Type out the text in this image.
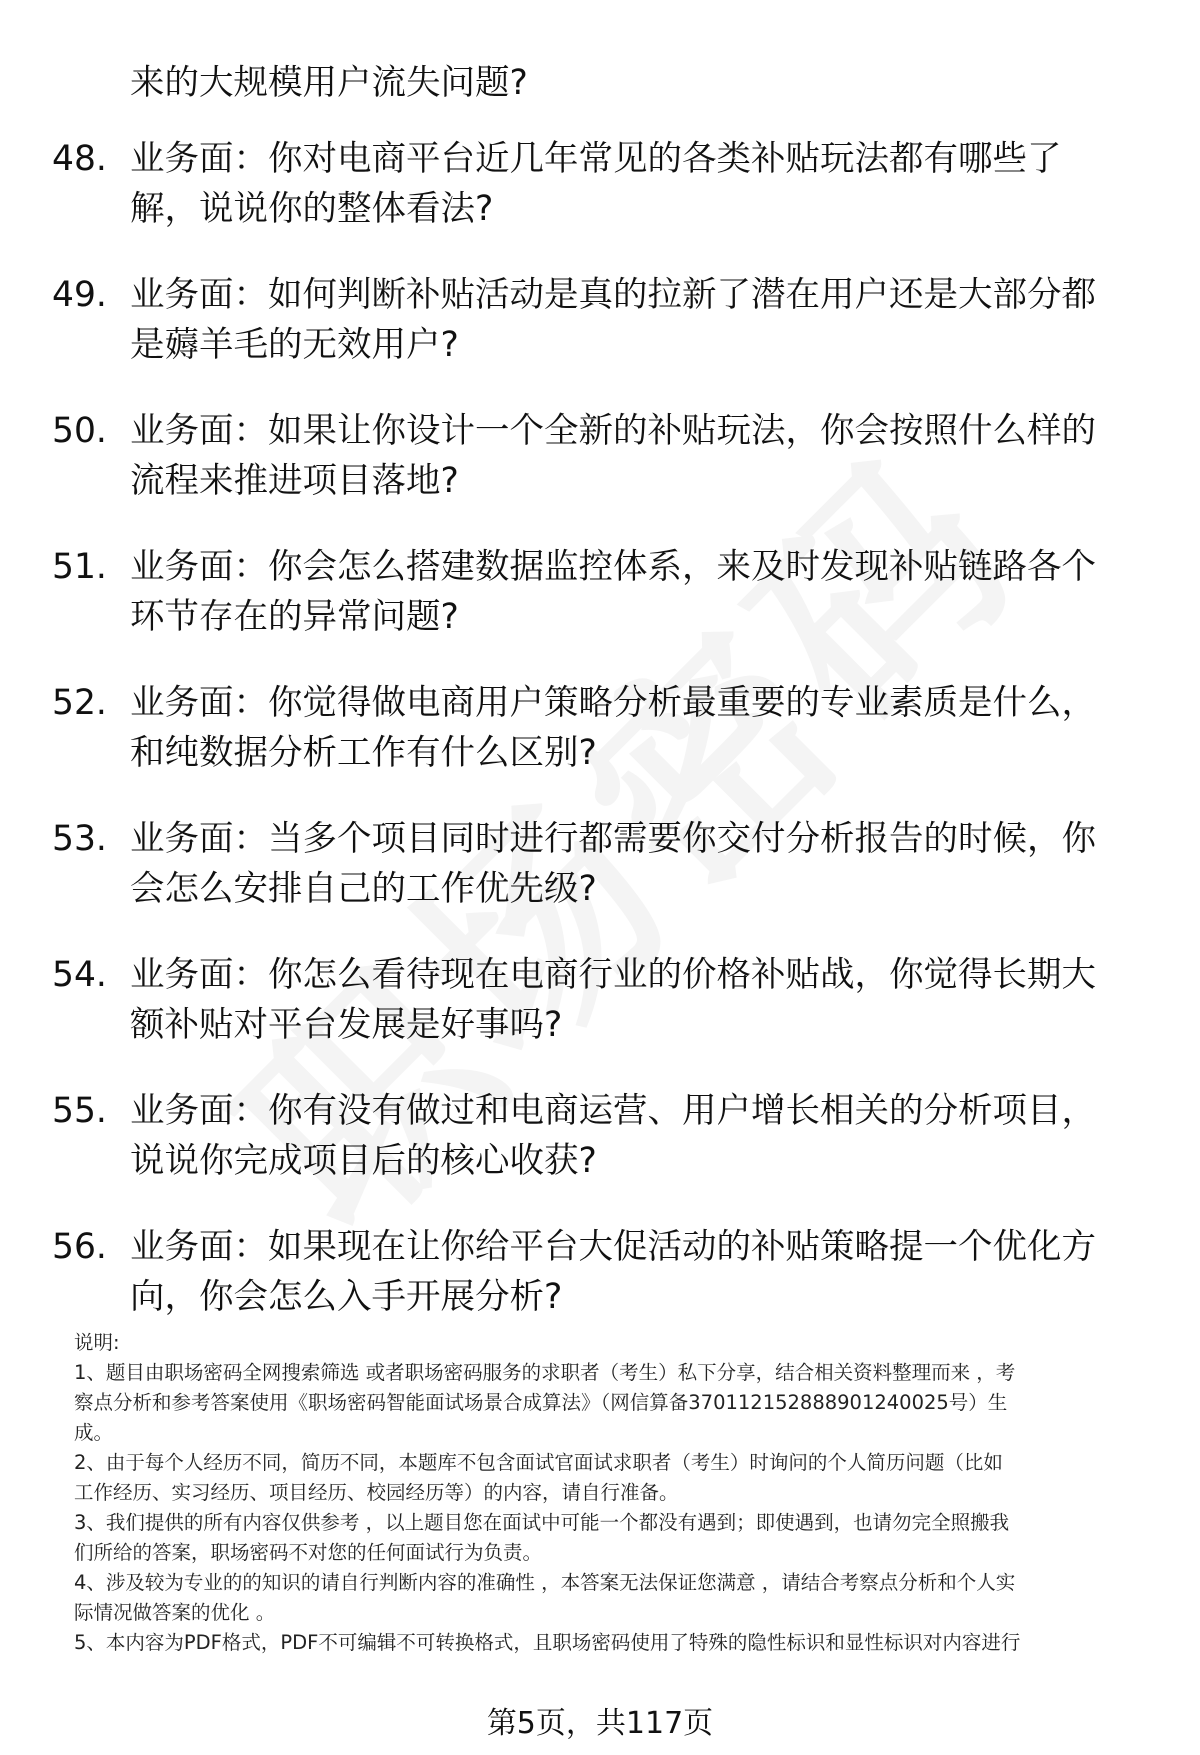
来的大规模用户流失问题?
48. 业务面：你对电商平台近几年常见的各类补贴玩法都有哪些了
解，说说你的整体看法?
49. 业务面：如何判断补贴活动是真的拉新了潜在用户还是大部分都
是薅羊毛的无效用户?
50. 业务面：如果让你设计一个全新的补贴玩法，你会按照什么样的
流程来推进项目落地?
51. 业务面：你会怎么搭建数据监控体系，来及时发现补贴链路各个
环节存在的异常问题?
52. 业务面：你觉得做电商用户策略分析最重要的专业素质是什么，
和纯数据分析工作有什么区别?
53. 业务面：当多个项目同时进行都需要你交付分析报告的时候，你
会怎么安排自己的工作优先级?
54. 业务面：你怎么看待现在电商行业的价格补贴战，你觉得长期大
额补贴对平台发展是好事吗?
55. 业务面：你有没有做过和电商运营、用户增长相关的分析项目，
说说你完成项目后的核心收获?
56. 业务面：如果现在让你给平台大促活动的补贴策略提一个优化方
向，你会怎么入手开展分析?
说明:
1、题目由职场密码全网搜索筛选 或者职场密码服务的求职者（考生）私下分享，结合相关资料整理而来 ，考
察点分析和参考答案使用《职场密码智能面试场景合成算法》（网信算备370112152888901240025号）生
成。
2、由于每个人经历不同，简历不同，本题库不包含面试官面试求职者（考生）时询问的个人简历问题（比如
工作经历、实习经历、项目经历、校园经历等）的内容，请自行准备。
3、我们提供的所有内容仅供参考 ，以上题目您在面试中可能一个都没有遇到；即使遇到，也请勿完全照搬我
们所给的答案，职场密码不对您的任何面试行为负责。
4、涉及较为专业的的知识的请自行判断内容的准确性 ，本答案无法保证您满意 ，请结合考察点分析和个人实
际情况做答案的优化 。
5、本内容为PDF格式，PDF不可编辑不可转换格式，且职场密码使用了特殊的隐性标识和显性标识对内容进行
第5页，共117页
